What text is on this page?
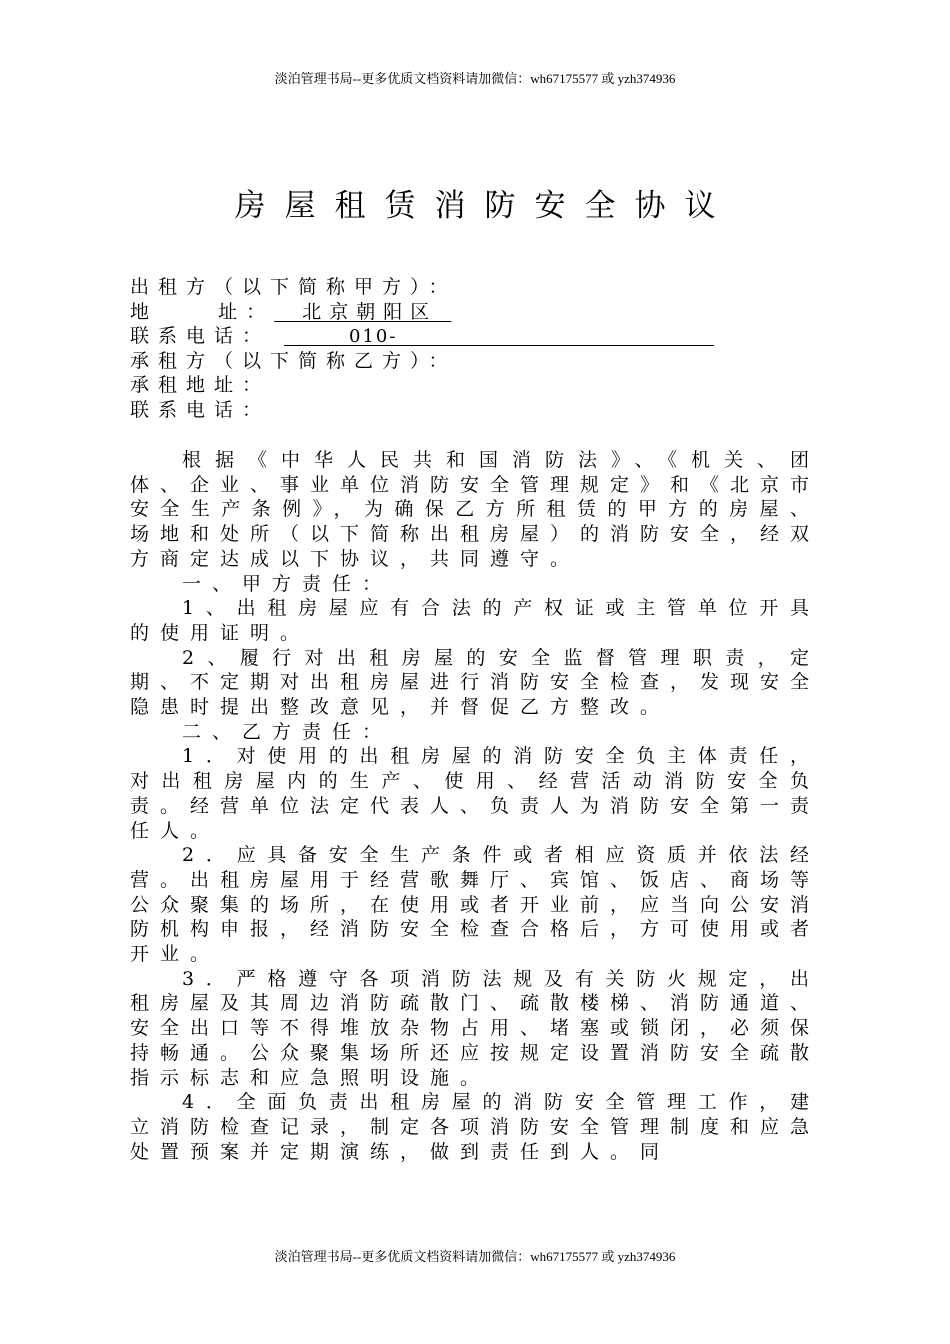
淡泊管理书局--更多优质文档资料请加微信：wh67175577 或 yzh374936
房屋租赁消防安全协议
出租方（以下简称甲方）：
地    址：  北京朝阳区
联系电话：	010-
承租方（以下简称乙方）：
承租地址：
联系电话：

根据《中华人民共和国消防法》、《机关、团体、企业、事业单位消防安全管理规定》和《北京市安全生产条例》，为确保乙方所租赁的甲方的房屋、场地和处所（以下简称出租房屋）的消防安全，经双方商定达成以下协议，共同遵守。

一、甲方责任：

1、出租房屋应有合法的产权证或主管单位开具的使用证明。

2、履行对出租房屋的安全监督管理职责，定期、不定期对出租房屋进行消防安全检查，发现安全隐患时提出整改意见，并督促乙方整改。

二、乙方责任：

1．对使用的出租房屋的消防安全负主体责任，对出租房屋内的生产、使用、经营活动消防安全负责。经营单位法定代表人、负责人为消防安全第一责任人。

2．应具备安全生产条件或者相应资质并依法经营。出租房屋用于经营歌舞厅、宾馆、饭店、商场等公众聚集的场所，在使用或者开业前，应当向公安消防机构申报，经消防安全检查合格后，方可使用或者开业。

3．严格遵守各项消防法规及有关防火规定，出租房屋及其周边消防疏散门、疏散楼梯、消防通道、安全出口等不得堆放杂物占用、堵塞或锁闭，必须保持畅通。公众聚集场所还应按规定设置消防安全疏散指示标志和应急照明设施。

4．全面负责出租房屋的消防安全管理工作，建立消防检查记录，制定各项消防安全管理制度和应急处置预案并定期演练，做到责任到人。同

淡泊管理书局--更多优质文档资料请加微信：wh67175577 或 yzh374936
